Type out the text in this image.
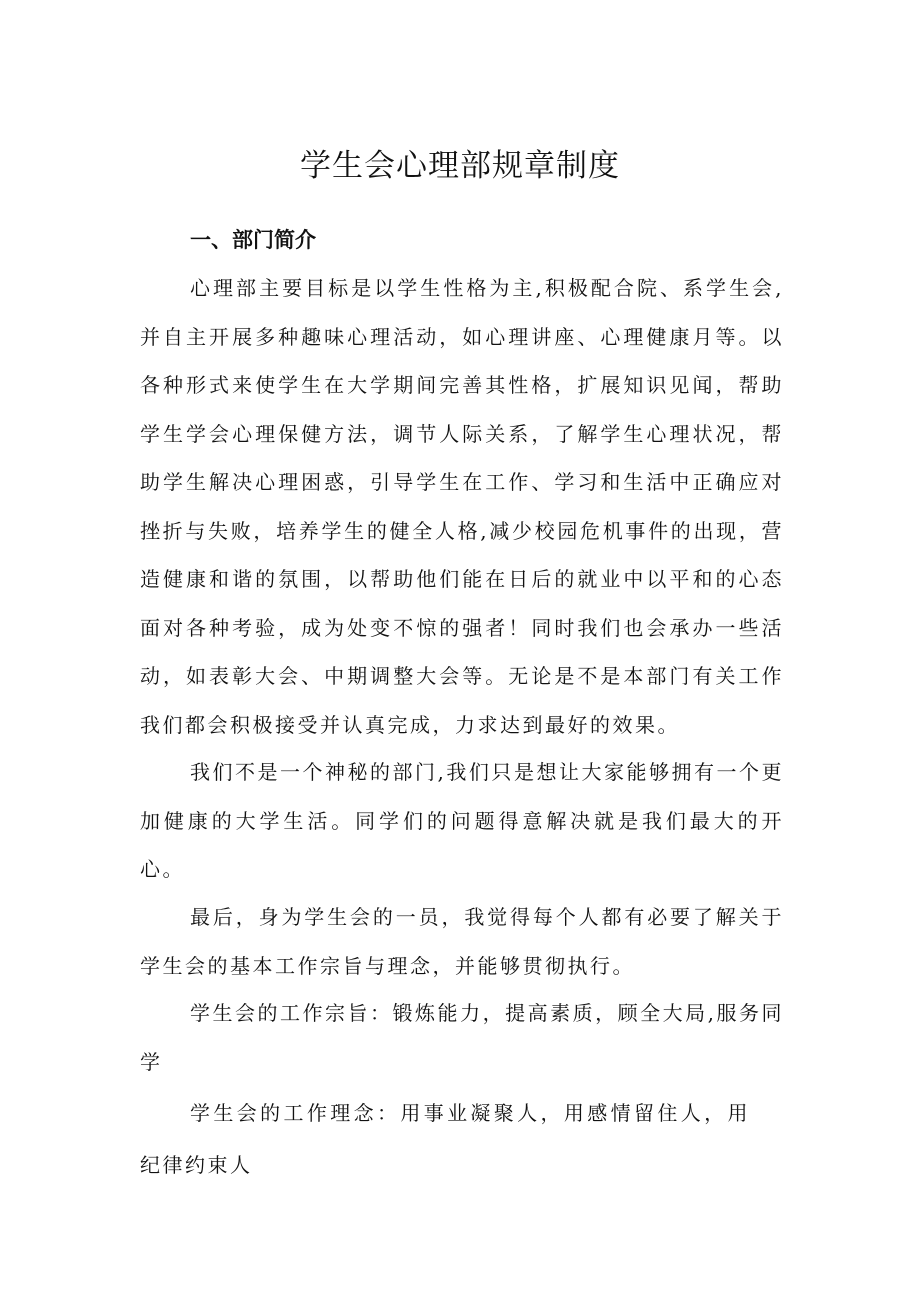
学生会心理部规章制度
一、部门简介

心理部主要目标是以学生性格为主,积极配合院、系学生会,并自主开展多种趣味心理活动，如心理讲座、心理健康月等。以各种形式来使学生在大学期间完善其性格，扩展知识见闻，帮助学生学会心理保健方法，调节人际关系，了解学生心理状况，帮助学生解决心理困惑，引导学生在工作、学习和生活中正确应对挫折与失败，培养学生的健全人格,减少校园危机事件的出现，营造健康和谐的氛围，以帮助他们能在日后的就业中以平和的心态面对各种考验，成为处变不惊的强者！同时我们也会承办一些活动，如表彰大会、中期调整大会等。无论是不是本部门有关工作我们都会积极接受并认真完成，力求达到最好的效果。

我们不是一个神秘的部门,我们只是想让大家能够拥有一个更加健康的大学生活。同学们的问题得意解决就是我们最大的开心。

最后，身为学生会的一员，我觉得每个人都有必要了解关于学生会的基本工作宗旨与理念，并能够贯彻执行。

学生会的工作宗旨：锻炼能力，提高素质，顾全大局,服务同学

学生会的工作理念：用事业凝聚人，用感情留住人，用纪律约束人
